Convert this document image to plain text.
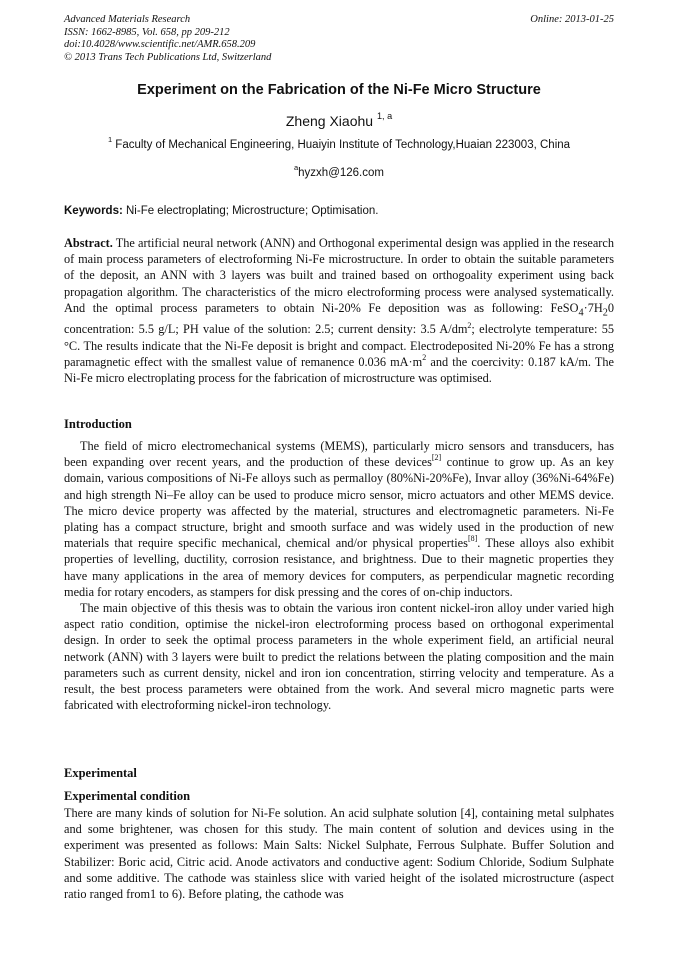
Advanced Materials Research
ISSN: 1662-8985, Vol. 658, pp 209-212
doi:10.4028/www.scientific.net/AMR.658.209
© 2013 Trans Tech Publications Ltd, Switzerland
Online: 2013-01-25
Experiment on the Fabrication of the Ni-Fe Micro Structure
Zheng Xiaohu $^{1, a}$
$^1$ Faculty of Mechanical Engineering, Huaiyin Institute of Technology,Huaian 223003, China
$^a$hyzxh@126.com
Keywords: Ni-Fe electroplating; Microstructure; Optimisation.
Abstract. The artificial neural network (ANN) and Orthogonal experimental design was applied in the research of main process parameters of electroforming Ni-Fe microstructure. In order to obtain the suitable parameters of the deposit, an ANN with 3 layers was built and trained based on orthogoality experiment using back propagation algorithm. The characteristics of the micro electroforming process were analysed systematically. And the optimal process parameters to obtain Ni-20% Fe deposition was as following: $FeSO_4\cdot 7H_20$ concentration: 5.5 g/L; PH value of the solution: 2.5; current density: 3.5 $A/dm^2$; electrolyte temperature: 55 °C. The results indicate that the Ni-Fe deposit is bright and compact. Electrodeposited Ni-20% Fe has a strong paramagnetic effect with the smallest value of remanence 0.036 $mA\cdot m^2$ and the coercivity: 0.187 kA/m. The Ni-Fe micro electroplating process for the fabrication of microstructure was optimised.
Introduction

The field of micro electromechanical systems (MEMS), particularly micro sensors and transducers, has been expanding over recent years, and the production of these devices[2] continue to grow up. As an key domain, various compositions of Ni-Fe alloys such as permalloy (80%Ni-20%Fe), Invar alloy (36%Ni-64%Fe) and high strength Ni–Fe alloy can be used to produce micro sensor, micro actuators and other MEMS device. The micro device property was affected by the material, structures and electromagnetic parameters. Ni-Fe plating has a compact structure, bright and smooth surface and was widely used in the production of new materials that require specific mechanical, chemical and/or physical properties[8]. These alloys also exhibit properties of levelling, ductility, corrosion resistance, and brightness. Due to their magnetic properties they have many applications in the area of memory devices for computers, as perpendicular magnetic recording media for rotary encoders, as stampers for disk pressing and the cores of on-chip inductors.

The main objective of this thesis was to obtain the various iron content nickel-iron alloy under varied high aspect ratio condition, optimise the nickel-iron electroforming process based on orthogonal experimental design. In order to seek the optimal process parameters in the whole experiment field, an artificial neural network (ANN) with 3 layers were built to predict the relations between the plating composition and the main parameters such as current density, nickel and iron ion concentration, stirring velocity and temperature. As a result, the best process parameters were obtained from the work. And several micro magnetic parts were fabricated with electroforming nickel-iron technology.

Experimental
Experimental condition
There are many kinds of solution for Ni-Fe solution. An acid sulphate solution [4], containing metal sulphates and some brightener, was chosen for this study. The main content of solution and devices using in the experiment was presented as follows: Main Salts: Nickel Sulphate, Ferrous Sulphate. Buffer Solution and Stabilizer: Boric acid, Citric acid. Anode activators and conductive agent: Sodium Chloride, Sodium Sulphate and some additive. The cathode was stainless slice with varied height of the isolated microstructure (aspect ratio ranged from1 to 6). Before plating, the cathode was
